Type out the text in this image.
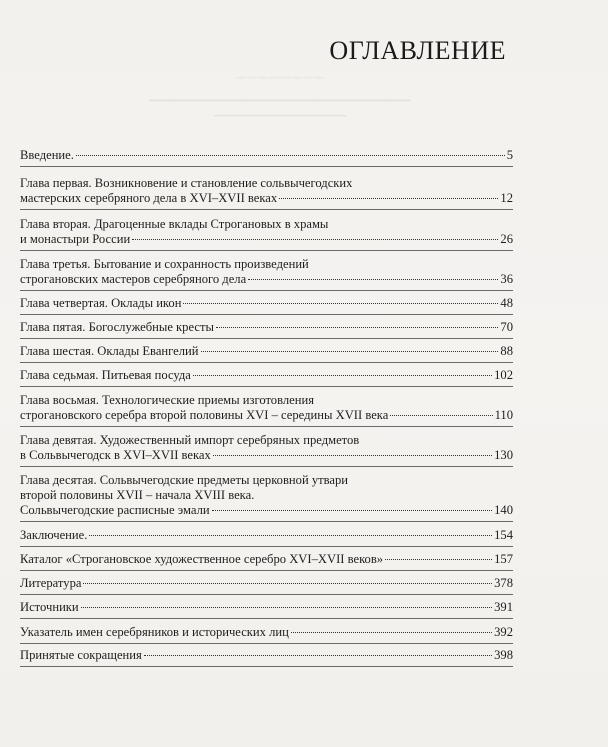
— — — — — — — —
─────────────────────────────
─────────────────
ОГЛАВЛЕНИЕ
Введение.	5
Глава первая. Возникновение и становление сольвычегодских
мастерских серебряного дела в XVI–XVII веках	12
Глава вторая. Драгоценные вклады Строгановых в храмы
и монастыри России	26
Глава третья. Бытование и сохранность произведений
строгановских мастеров серебряного дела	36
Глава четвертая. Оклады икон	48
Глава пятая. Богослужебные кресты	70
Глава шестая. Оклады Евангелий	88
Глава седьмая. Питьевая посуда	102
Глава восьмая. Технологические приемы изготовления
строгановского серебра второй половины XVI – середины XVII века	110
Глава девятая. Художественный импорт серебряных предметов
в Сольвычегодск в XVI–XVII веках	130
Глава десятая. Сольвычегодские предметы церковной утвари
второй половины XVII – начала XVIII века.
Сольвычегодские расписные эмали	140
Заключение.	154
Каталог «Строгановское художественное серебро XVI–XVII веков»	157
Литература	378
Источники	391
Указатель имен серебряников и исторических лиц	392
Принятые сокращения	398
